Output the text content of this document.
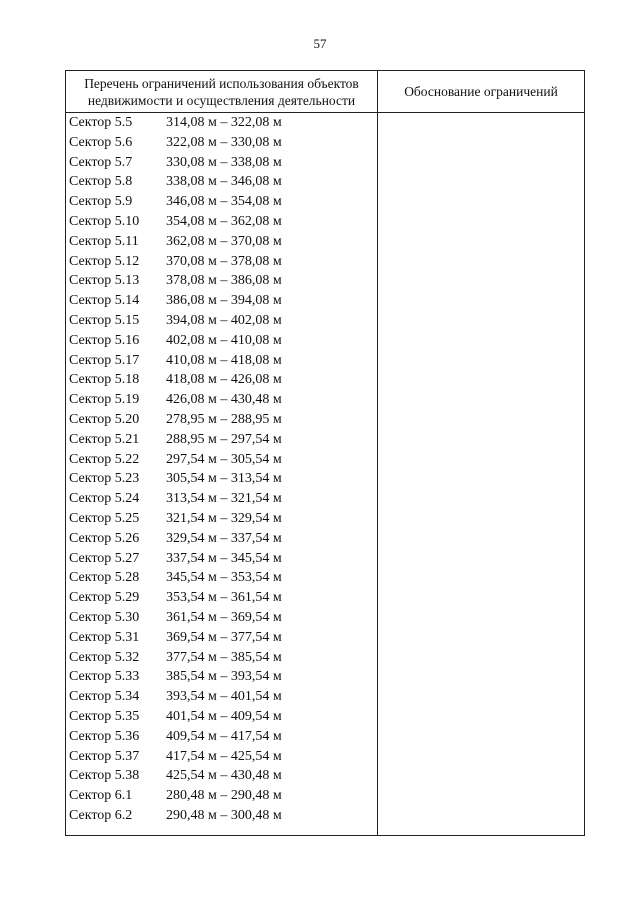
57
Перечень ограничений использования объектов недвижимости и осуществления деятельности
Обоснование ограничений
Сектор 5.5 314,08 м – 322,08 м
Сектор 5.6 322,08 м – 330,08 м
Сектор 5.7 330,08 м – 338,08 м
Сектор 5.8 338,08 м – 346,08 м
Сектор 5.9 346,08 м – 354,08 м
Сектор 5.10 354,08 м – 362,08 м
Сектор 5.11 362,08 м – 370,08 м
Сектор 5.12 370,08 м – 378,08 м
Сектор 5.13 378,08 м – 386,08 м
Сектор 5.14 386,08 м – 394,08 м
Сектор 5.15 394,08 м – 402,08 м
Сектор 5.16 402,08 м – 410,08 м
Сектор 5.17 410,08 м – 418,08 м
Сектор 5.18 418,08 м – 426,08 м
Сектор 5.19 426,08 м – 430,48 м
Сектор 5.20 278,95 м – 288,95 м
Сектор 5.21 288,95 м – 297,54 м
Сектор 5.22 297,54 м – 305,54 м
Сектор 5.23 305,54 м – 313,54 м
Сектор 5.24 313,54 м – 321,54 м
Сектор 5.25 321,54 м – 329,54 м
Сектор 5.26 329,54 м – 337,54 м
Сектор 5.27 337,54 м – 345,54 м
Сектор 5.28 345,54 м – 353,54 м
Сектор 5.29 353,54 м – 361,54 м
Сектор 5.30 361,54 м – 369,54 м
Сектор 5.31 369,54 м – 377,54 м
Сектор 5.32 377,54 м – 385,54 м
Сектор 5.33 385,54 м – 393,54 м
Сектор 5.34 393,54 м – 401,54 м
Сектор 5.35 401,54 м – 409,54 м
Сектор 5.36 409,54 м – 417,54 м
Сектор 5.37 417,54 м – 425,54 м
Сектор 5.38 425,54 м – 430,48 м
Сектор 6.1 280,48 м – 290,48 м
Сектор 6.2 290,48 м – 300,48 м
